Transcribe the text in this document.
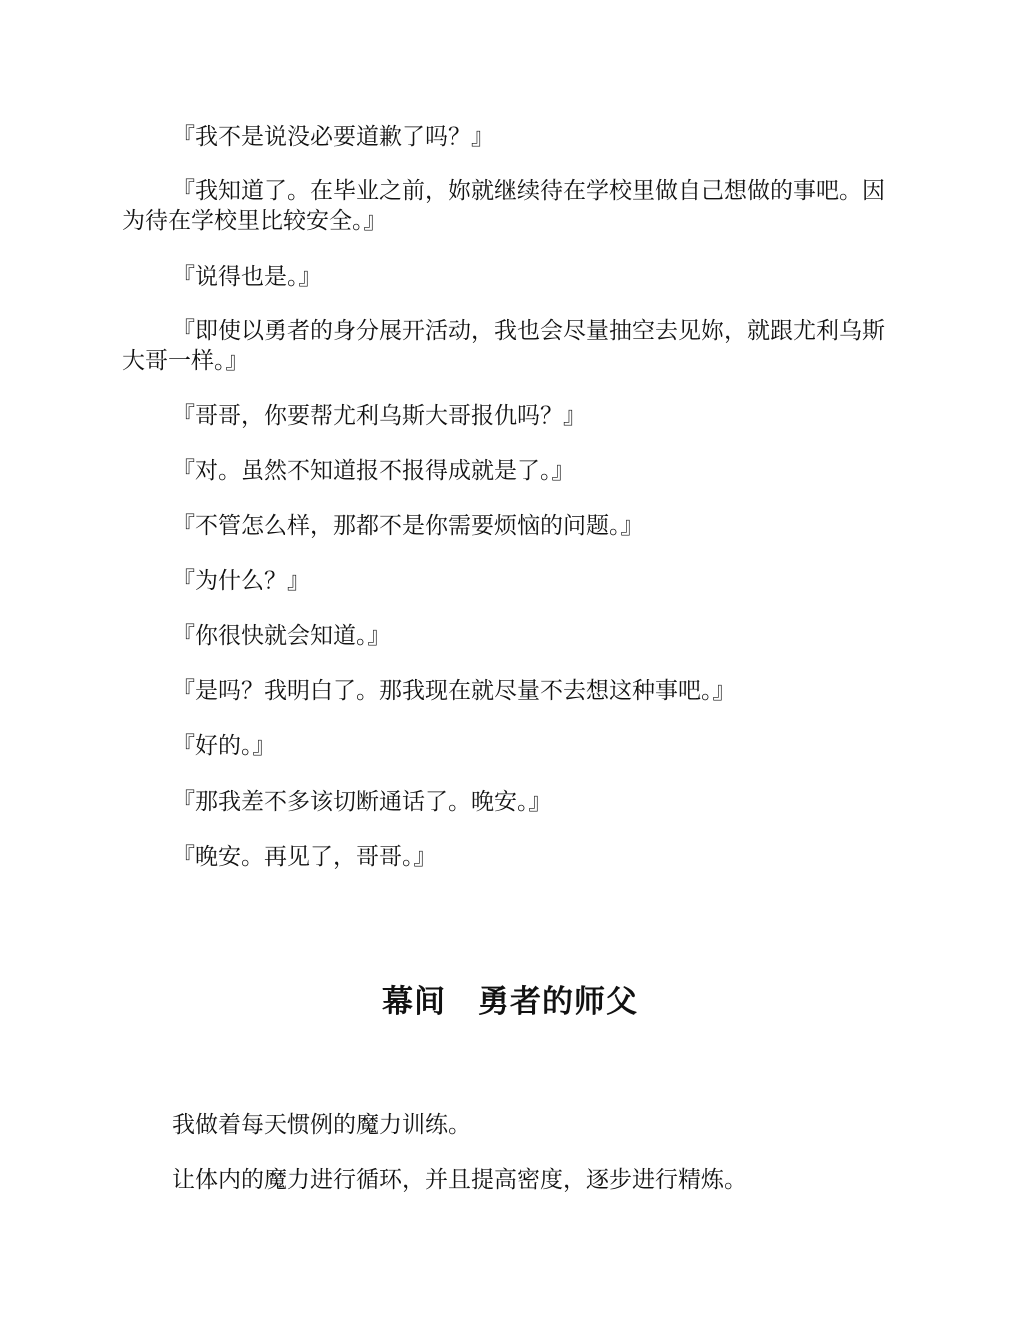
『我不是说没必要道歉了吗？』

『我知道了。在毕业之前，妳就继续待在学校里做自己想做的事吧。因为待在学校里比较安全。』

『说得也是。』

『即使以勇者的身分展开活动，我也会尽量抽空去见妳，就跟尤利乌斯大哥一样。』

『哥哥，你要帮尤利乌斯大哥报仇吗？』

『对。虽然不知道报不报得成就是了。』

『不管怎么样，那都不是你需要烦恼的问题。』

『为什么？』

『你很快就会知道。』

『是吗？我明白了。那我现在就尽量不去想这种事吧。』

『好的。』

『那我差不多该切断通话了。晚安。』

『晚安。再见了，哥哥。』

幕间　勇者的师父

我做着每天惯例的魔力训练。

让体内的魔力进行循环，并且提高密度，逐步进行精炼。
